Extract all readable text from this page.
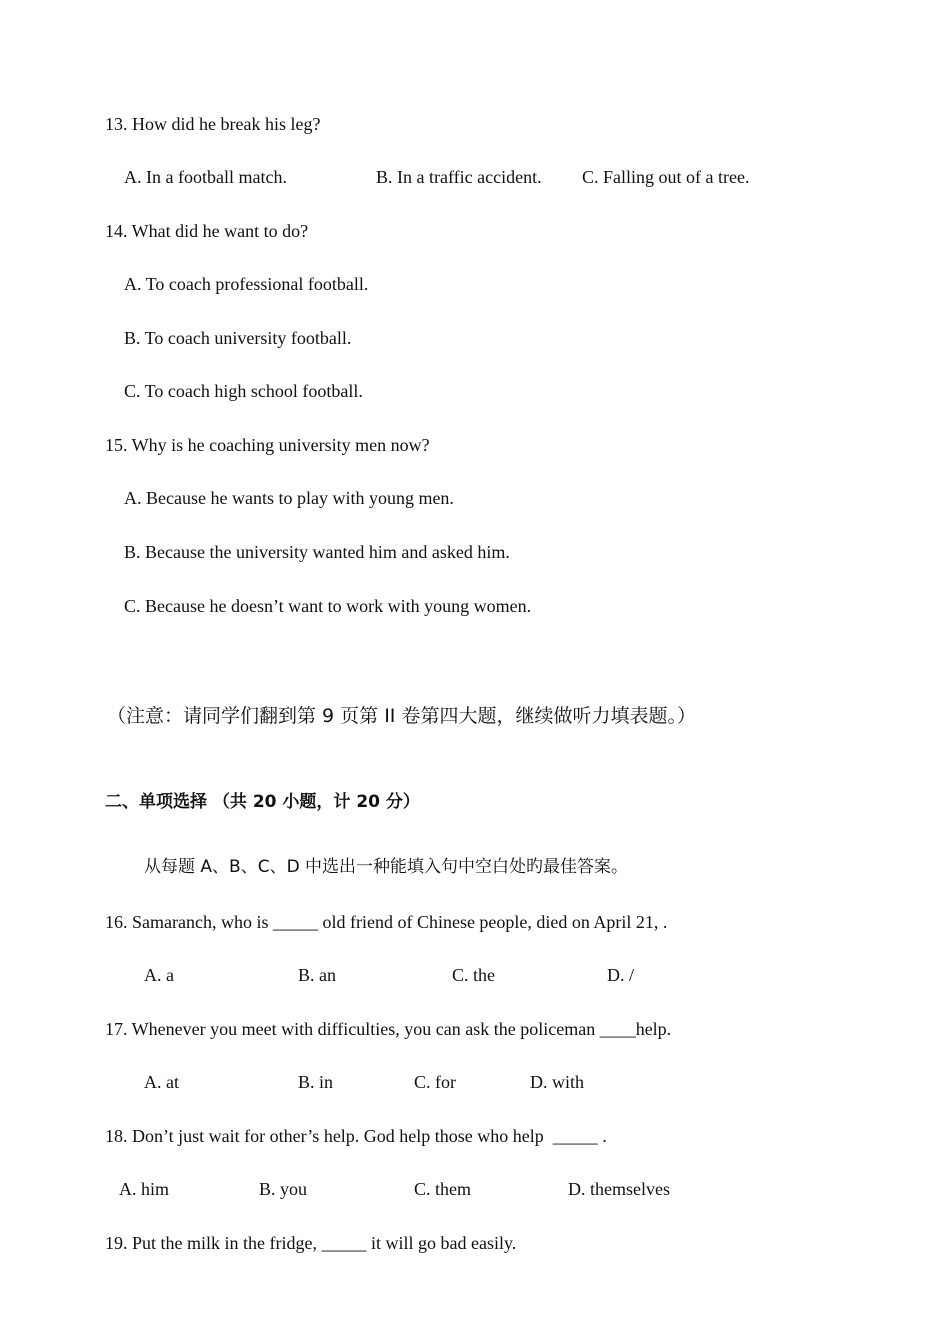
13. How did he break his leg?
A. In a football match.	B. In a traffic accident. C. Falling out of a tree.
14. What did he want to do?
A. To coach professional football.
B. To coach university football.
C. To coach high school football.
15. Why is he coaching university men now?
A. Because he wants to play with young men.
B. Because the university wanted him and asked him.
C. Because he doesn’t want to work with young women.
（注意：请同学们翻到第 9 页第 II 卷第四大题，继续做听力填表题。）
二、单项选择 （共 20 小题，计 20 分）
从每题 A、B、C、D 中选出一种能填入句中空白处旳最佳答案。
16. Samaranch, who is _____ old friend of Chinese people, died on April 21, .
A. a	B. an	C. the	D. /
17. Whenever you meet with difficulties, you can ask the policeman ____help.
A. at	B. in	C. for	D. with
18. Don’t just wait for other’s help. God help those who help  _____ .
A. him	B. you	C. them	D. themselves
19. Put the milk in the fridge, _____ it will go bad easily.
